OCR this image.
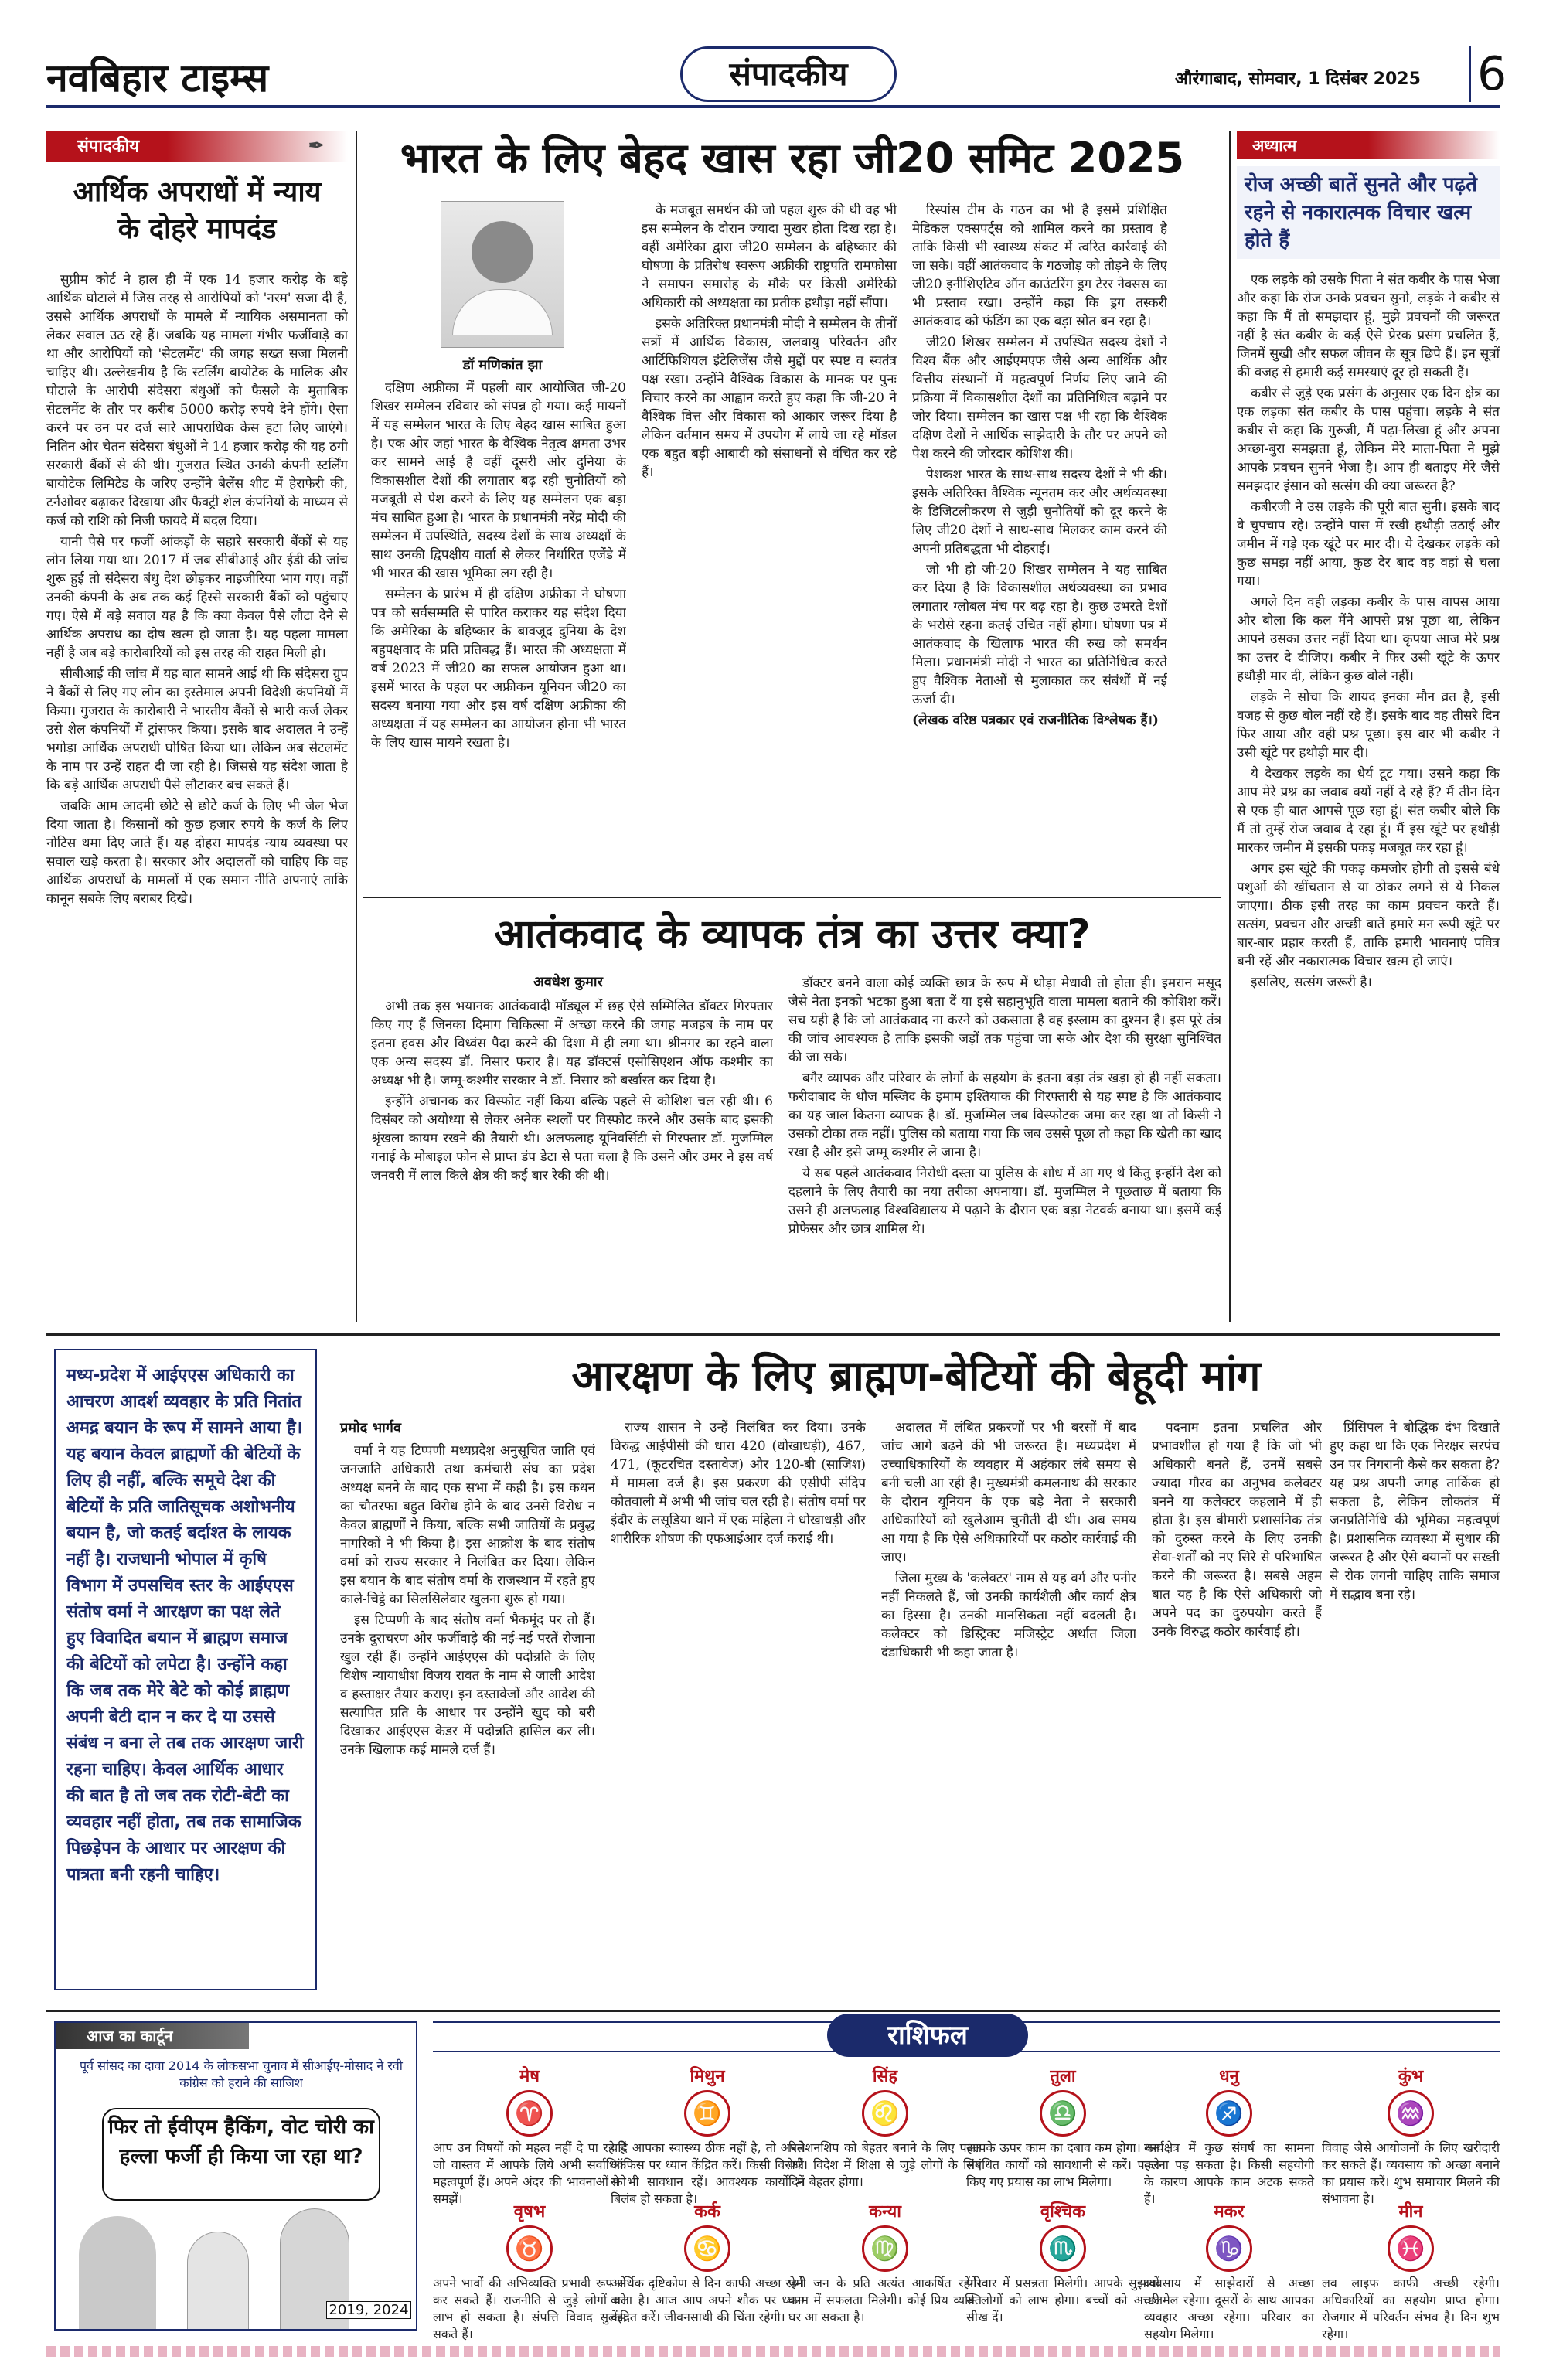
नवबिहार टाइम्स	संपादकीय	औरंगाबाद, सोमवार, 1 दिसंबर 2025 6
संपादकीय	✒
आर्थिक अपराधों में न्याय के दोहरे मापदंड

सुप्रीम कोर्ट ने हाल ही में एक 14 हजार करोड़ के बड़े आर्थिक घोटाले में जिस तरह से आरोपियों को 'नरम' सजा दी है, उससे आर्थिक अपराधों के मामले में न्यायिक असमानता को लेकर सवाल उठ रहे हैं। जबकि यह मामला गंभीर फर्जीवाड़े का था और आरोपियों को 'सेटलमेंट' की जगह सख्त सजा मिलनी चाहिए थी। उल्लेखनीय है कि स्टर्लिंग बायोटेक के मालिक और घोटाले के आरोपी संदेसरा बंधुओं को फैसले के मुताबिक सेटलमेंट के तौर पर करीब 5000 करोड़ रुपये देने होंगे। ऐसा करने पर उन पर दर्ज सारे आपराधिक केस हटा लिए जाएंगे। नितिन और चेतन संदेसरा बंधुओं ने 14 हजार करोड़ की यह ठगी सरकारी बैंकों से की थी। गुजरात स्थित उनकी कंपनी स्टर्लिंग बायोटेक लिमिटेड के जरिए उन्होंने बैलेंस शीट में हेराफेरी की, टर्नओवर बढ़ाकर दिखाया और फैक्ट्री शेल कंपनियों के माध्यम से कर्ज को राशि को निजी फायदे में बदल दिया।

यानी पैसे पर फर्जी आंकड़ों के सहारे सरकारी बैंकों से यह लोन लिया गया था। 2017 में जब सीबीआई और ईडी की जांच शुरू हुई तो संदेसरा बंधु देश छोड़कर नाइजीरिया भाग गए। वहीं उनकी कंपनी के अब तक कई हिस्से सरकारी बैंकों को पहुंचाए गए। ऐसे में बड़े सवाल यह है कि क्या केवल पैसे लौटा देने से आर्थिक अपराध का दोष खत्म हो जाता है। यह पहला मामला नहीं है जब बड़े कारोबारियों को इस तरह की राहत मिली हो।

सीबीआई की जांच में यह बात सामने आई थी कि संदेसरा ग्रुप ने बैंकों से लिए गए लोन का इस्तेमाल अपनी विदेशी कंपनियों में किया। गुजरात के कारोबारी ने भारतीय बैंकों से भारी कर्ज लेकर उसे शेल कंपनियों में ट्रांसफर किया। इसके बाद अदालत ने उन्हें भगोड़ा आर्थिक अपराधी घोषित किया था। लेकिन अब सेटलमेंट के नाम पर उन्हें राहत दी जा रही है। जिससे यह संदेश जाता है कि बड़े आर्थिक अपराधी पैसे लौटाकर बच सकते हैं।

जबकि आम आदमी छोटे से छोटे कर्ज के लिए भी जेल भेज दिया जाता है। किसानों को कुछ हजार रुपये के कर्ज के लिए नोटिस थमा दिए जाते हैं। यह दोहरा मापदंड न्याय व्यवस्था पर सवाल खड़े करता है। सरकार और अदालतों को चाहिए कि वह आर्थिक अपराधों के मामलों में एक समान नीति अपनाएं ताकि कानून सबके लिए बराबर दिखे।

भारत के लिए बेहद खास रहा जी20 समिट 2025
डॉ मणिकांत झा

दक्षिण अफ्रीका में पहली बार आयोजित जी-20 शिखर सम्मेलन रविवार को संपन्न हो गया। कई मायनों में यह सम्मेलन भारत के लिए बेहद खास साबित हुआ है। एक ओर जहां भारत के वैश्विक नेतृत्व क्षमता उभर कर सामने आई है वहीं दूसरी ओर दुनिया के विकासशील देशों की लगातार बढ़ रही चुनौतियों को मजबूती से पेश करने के लिए यह सम्मेलन एक बड़ा मंच साबित हुआ है। भारत के प्रधानमंत्री नरेंद्र मोदी की सम्मेलन में उपस्थिति, सदस्य देशों के साथ अध्यक्षों के साथ उनकी द्विपक्षीय वार्ता से लेकर निर्धारित एजेंडे में भी भारत की खास भूमिका लग रही है।

सम्मेलन के प्रारंभ में ही दक्षिण अफ्रीका ने घोषणा पत्र को सर्वसम्मति से पारित कराकर यह संदेश दिया कि अमेरिका के बहिष्कार के बावजूद दुनिया के देश बहुपक्षवाद के प्रति प्रतिबद्ध हैं। भारत की अध्यक्षता में वर्ष 2023 में जी20 का सफल आयोजन हुआ था। इसमें भारत के पहल पर अफ्रीकन यूनियन जी20 का सदस्य बनाया गया और इस वर्ष दक्षिण अफ्रीका की अध्यक्षता में यह सम्मेलन का आयोजन होना भी भारत के लिए खास मायने रखता है।

के मजबूत समर्थन की जो पहल शुरू की थी वह भी इस सम्मेलन के दौरान ज्यादा मुखर होता दिख रहा है। वहीं अमेरिका द्वारा जी20 सम्मेलन के बहिष्कार की घोषणा के प्रतिरोध स्वरूप अफ्रीकी राष्ट्रपति रामफोसा ने समापन समारोह के मौके पर किसी अमेरिकी अधिकारी को अध्यक्षता का प्रतीक हथौड़ा नहीं सौंपा।

इसके अतिरिक्त प्रधानमंत्री मोदी ने सम्मेलन के तीनों सत्रों में आर्थिक विकास, जलवायु परिवर्तन और आर्टिफिशियल इंटेलिजेंस जैसे मुद्दों पर स्पष्ट व स्वतंत्र पक्ष रखा। उन्होंने वैश्विक विकास के मानक पर पुनः विचार करने का आह्वान करते हुए कहा कि जी-20 ने वैश्विक वित्त और विकास को आकार जरूर दिया है लेकिन वर्तमान समय में उपयोग में लाये जा रहे मॉडल एक बहुत बड़ी आबादी को संसाधनों से वंचित कर रहे हैं।

रिस्पांस टीम के गठन का भी है इसमें प्रशिक्षित मेडिकल एक्सपर्ट्स को शामिल करने का प्रस्ताव है ताकि किसी भी स्वास्थ्य संकट में त्वरित कार्रवाई की जा सके। वहीं आतंकवाद के गठजोड़ को तोड़ने के लिए जी20 इनीशिएटिव ऑन काउंटरिंग ड्रग टेरर नेक्सस का भी प्रस्ताव रखा। उन्होंने कहा कि ड्रग तस्करी आतंकवाद को फंडिंग का एक बड़ा स्रोत बन रहा है।

जी20 शिखर सम्मेलन में उपस्थित सदस्य देशों ने विश्व बैंक और आईएमएफ जैसे अन्य आर्थिक और वित्तीय संस्थानों में महत्वपूर्ण निर्णय लिए जाने की प्रक्रिया में विकासशील देशों का प्रतिनिधित्व बढ़ाने पर जोर दिया। सम्मेलन का खास पक्ष भी रहा कि वैश्विक दक्षिण देशों ने आर्थिक साझेदारी के तौर पर अपने को पेश करने की जोरदार कोशिश की।

पेशकश भारत के साथ-साथ सदस्य देशों ने भी की। इसके अतिरिक्त वैश्विक न्यूनतम कर और अर्थव्यवस्था के डिजिटलीकरण से जुड़ी चुनौतियों को दूर करने के लिए जी20 देशों ने साथ-साथ मिलकर काम करने की अपनी प्रतिबद्धता भी दोहराई।

जो भी हो जी-20 शिखर सम्मेलन ने यह साबित कर दिया है कि विकासशील अर्थव्यवस्था का प्रभाव लगातार ग्लोबल मंच पर बढ़ रहा है। कुछ उभरते देशों के भरोसे रहना कतई उचित नहीं होगा। घोषणा पत्र में आतंकवाद के खिलाफ भारत की रुख को समर्थन मिला। प्रधानमंत्री मोदी ने भारत का प्रतिनिधित्व करते हुए वैश्विक नेताओं से मुलाकात कर संबंधों में नई ऊर्जा दी।

(लेखक वरिष्ठ पत्रकार एवं राजनीतिक विश्लेषक हैं।)

अध्यात्म
रोज अच्छी बातें सुनते और पढ़ते रहने से नकारात्मक विचार खत्म होते हैं

एक लड़के को उसके पिता ने संत कबीर के पास भेजा और कहा कि रोज उनके प्रवचन सुनो, लड़के ने कबीर से कहा कि मैं तो समझदार हूं, मुझे प्रवचनों की जरूरत नहीं है संत कबीर के कई ऐसे प्रेरक प्रसंग प्रचलित हैं, जिनमें सुखी और सफल जीवन के सूत्र छिपे हैं। इन सूत्रों की वजह से हमारी कई समस्याएं दूर हो सकती हैं।

कबीर से जुड़े एक प्रसंग के अनुसार एक दिन क्षेत्र का एक लड़का संत कबीर के पास पहुंचा। लड़के ने संत कबीर से कहा कि गुरुजी, मैं पढ़ा-लिखा हूं और अपना अच्छा-बुरा समझता हूं, लेकिन मेरे माता-पिता ने मुझे आपके प्रवचन सुनने भेजा है। आप ही बताइए मेरे जैसे समझदार इंसान को सत्संग की क्या जरूरत है?

कबीरजी ने उस लड़के की पूरी बात सुनी। इसके बाद वे चुपचाप रहे। उन्होंने पास में रखी हथौड़ी उठाई और जमीन में गड़े एक खूंटे पर मार दी। ये देखकर लड़के को कुछ समझ नहीं आया, कुछ देर बाद वह वहां से चला गया।

अगले दिन वही लड़का कबीर के पास वापस आया और बोला कि कल मैंने आपसे प्रश्न पूछा था, लेकिन आपने उसका उत्तर नहीं दिया था। कृपया आज मेरे प्रश्न का उत्तर दे दीजिए। कबीर ने फिर उसी खूंटे के ऊपर हथौड़ी मार दी, लेकिन कुछ बोले नहीं।

लड़के ने सोचा कि शायद इनका मौन व्रत है, इसी वजह से कुछ बोल नहीं रहे हैं। इसके बाद वह तीसरे दिन फिर आया और वही प्रश्न पूछा। इस बार भी कबीर ने उसी खूंटे पर हथौड़ी मार दी।

ये देखकर लड़के का धैर्य टूट गया। उसने कहा कि आप मेरे प्रश्न का जवाब क्यों नहीं दे रहे हैं? मैं तीन दिन से एक ही बात आपसे पूछ रहा हूं। संत कबीर बोले कि मैं तो तुम्हें रोज जवाब दे रहा हूं। मैं इस खूंटे पर हथौड़ी मारकर जमीन में इसकी पकड़ मजबूत कर रहा हूं।

अगर इस खूंटे की पकड़ कमजोर होगी तो इससे बंधे पशुओं की खींचतान से या ठोकर लगने से ये निकल जाएगा। ठीक इसी तरह का काम प्रवचन करते हैं। सत्संग, प्रवचन और अच्छी बातें हमारे मन रूपी खूंटे पर बार-बार प्रहार करती हैं, ताकि हमारी भावनाएं पवित्र बनी रहें और नकारात्मक विचार खत्म हो जाएं।

इसलिए, सत्संग जरूरी है।

आतंकवाद के व्यापक तंत्र का उत्तर क्या?
अवधेश कुमार

अभी तक इस भयानक आतंकवादी मॉड्यूल में छह ऐसे सम्मिलित डॉक्टर गिरफ्तार किए गए हैं जिनका दिमाग चिकित्सा में अच्छा करने की जगह मजहब के नाम पर इतना हवस और विध्वंस पैदा करने की दिशा में ही लगा था। श्रीनगर का रहने वाला एक अन्य सदस्य डॉ. निसार फरार है। यह डॉक्टर्स एसोसिएशन ऑफ कश्मीर का अध्यक्ष भी है। जम्मू-कश्मीर सरकार ने डॉ. निसार को बर्खास्त कर दिया है।

इन्होंने अचानक कर विस्फोट नहीं किया बल्कि पहले से कोशिश चल रही थी। 6 दिसंबर को अयोध्या से लेकर अनेक स्थलों पर विस्फोट करने और उसके बाद इसकी श्रृंखला कायम रखने की तैयारी थी। अलफलाह यूनिवर्सिटी से गिरफ्तार डॉ. मुजम्मिल गनाई के मोबाइल फोन से प्राप्त डंप डेटा से पता चला है कि उसने और उमर ने इस वर्ष जनवरी में लाल किले क्षेत्र की कई बार रेकी की थी।

डॉक्टर बनने वाला कोई व्यक्ति छात्र के रूप में थोड़ा मेधावी तो होता ही। इमरान मसूद जैसे नेता इनको भटका हुआ बता दें या इसे सहानुभूति वाला मामला बताने की कोशिश करें। सच यही है कि जो आतंकवाद ना करने को उकसाता है वह इस्लाम का दुश्मन है। इस पूरे तंत्र की जांच आवश्यक है ताकि इसकी जड़ों तक पहुंचा जा सके और देश की सुरक्षा सुनिश्चित की जा सके।

बगैर व्यापक और परिवार के लोगों के सहयोग के इतना बड़ा तंत्र खड़ा हो ही नहीं सकता। फरीदाबाद के धौज मस्जिद के इमाम इश्तियाक की गिरफ्तारी से यह स्पष्ट है कि आतंकवाद का यह जाल कितना व्यापक है। डॉ. मुजम्मिल जब विस्फोटक जमा कर रहा था तो किसी ने उसको टोका तक नहीं। पुलिस को बताया गया कि जब उससे पूछा तो कहा कि खेती का खाद रखा है और इसे जम्मू कश्मीर ले जाना है।

ये सब पहले आतंकवाद निरोधी दस्ता या पुलिस के शोध में आ गए थे किंतु इन्होंने देश को दहलाने के लिए तैयारी का नया तरीका अपनाया। डॉ. मुजम्मिल ने पूछताछ में बताया कि उसने ही अलफलाह विश्वविद्यालय में पढ़ाने के दौरान एक बड़ा नेटवर्क बनाया था। इसमें कई प्रोफेसर और छात्र शामिल थे।

मध्य-प्रदेश में आईएएस अधिकारी का आचरण आदर्श व्यवहार के प्रति नितांत अमद्र बयान के रूप में सामने आया है। यह बयान केवल ब्राह्मणों की बेटियों के लिए ही नहीं, बल्कि समूचे देश की बेटियों के प्रति जातिसूचक अशोभनीय बयान है, जो कतई बर्दाश्त के लायक नहीं है। राजधानी भोपाल में कृषि विभाग में उपसचिव स्तर के आईएएस संतोष वर्मा ने आरक्षण का पक्ष लेते हुए विवादित बयान में ब्राह्मण समाज की बेटियों को लपेटा है। उन्होंने कहा कि जब तक मेरे बेटे को कोई ब्राह्मण अपनी बेटी दान न कर दे या उससे संबंध न बना ले तब तक आरक्षण जारी रहना चाहिए। केवल आर्थिक आधार की बात है तो जब तक रोटी-बेटी का व्यवहार नहीं होता, तब तक सामाजिक पिछड़ेपन के आधार पर आरक्षण की पात्रता बनी रहनी चाहिए।
आरक्षण के लिए ब्राह्मण-बेटियों की बेहूदी मांग
प्रमोद भार्गव

वर्मा ने यह टिप्पणी मध्यप्रदेश अनुसूचित जाति एवं जनजाति अधिकारी तथा कर्मचारी संघ का प्रदेश अध्यक्ष बनने के बाद एक सभा में कही है। इस कथन का चौतरफा बहुत विरोध होने के बाद उनसे विरोध न केवल ब्राह्मणों ने किया, बल्कि सभी जातियों के प्रबुद्ध नागरिकों ने भी किया है। इस आक्रोश के बाद संतोष वर्मा को राज्य सरकार ने निलंबित कर दिया। लेकिन इस बयान के बाद संतोष वर्मा के राजस्थान में रहते हुए काले-चिट्ठे का सिलसिलेवार खुलना शुरू हो गया।

इस टिप्पणी के बाद संतोष वर्मा भैकमूंद पर तो हैं। उनके दुराचरण और फर्जीवाड़े की नई-नई परतें रोजाना खुल रही हैं। उन्होंने आईएएस की पदोन्नति के लिए विशेष न्यायाधीश विजय रावत के नाम से जाली आदेश व हस्ताक्षर तैयार कराए। इन दस्तावेजों और आदेश की सत्यापित प्रति के आधार पर उन्होंने खुद को बरी दिखाकर आईएएस केडर में पदोन्नति हासिल कर ली। उनके खिलाफ कई मामले दर्ज हैं।

राज्य शासन ने उन्हें निलंबित कर दिया। उनके विरुद्ध आईपीसी की धारा 420 (धोखाधड़ी), 467, 471, (कूटरचित दस्तावेज) और 120-बी (साजिश) में मामला दर्ज है। इस प्रकरण की एसीपी संदिप कोतवाली में अभी भी जांच चल रही है। संतोष वर्मा पर इंदौर के लसूडिया थाने में एक महिला ने धोखाधड़ी और शारीरिक शोषण की एफआईआर दर्ज कराई थी।

अदालत में लंबित प्रकरणों पर भी बरसों में बाद जांच आगे बढ़ने की भी जरूरत है। मध्यप्रदेश में उच्चाधिकारियों के व्यवहार में अहंकार लंबे समय से बनी चली आ रही है। मुख्यमंत्री कमलनाथ की सरकार के दौरान यूनियन के एक बड़े नेता ने सरकारी अधिकारियों को खुलेआम चुनौती दी थी। अब समय आ गया है कि ऐसे अधिकारियों पर कठोर कार्रवाई की जाए।

जिला मुख्य के 'कलेक्टर' नाम से यह वर्ग और पनीर नहीं निकलते हैं, जो उनकी कार्यशैली और कार्य क्षेत्र का हिस्सा है। उनकी मानसिकता नहीं बदलती है। कलेक्टर को डिस्ट्रिक्ट मजिस्ट्रेट अर्थात जिला दंडाधिकारी भी कहा जाता है।

पदनाम इतना प्रचलित और प्रभावशील हो गया है कि जो भी अधिकारी बनते हैं, उनमें सबसे ज्यादा गौरव का अनुभव कलेक्टर बनने या कलेक्टर कहलाने में ही होता है। इस बीमारी प्रशासनिक तंत्र को दुरुस्त करने के लिए उनकी सेवा-शर्तों को नए सिरे से परिभाषित करने की जरूरत है। सबसे अहम बात यह है कि ऐसे अधिकारी जो अपने पद का दुरुपयोग करते हैं उनके विरुद्ध कठोर कार्रवाई हो।

प्रिंसिपल ने बौद्धिक दंभ दिखाते हुए कहा था कि एक निरक्षर सरपंच उन पर निगरानी कैसे कर सकता है? यह प्रश्न अपनी जगह तार्किक हो सकता है, लेकिन लोकतंत्र में जनप्रतिनिधि की भूमिका महत्वपूर्ण है। प्रशासनिक व्यवस्था में सुधार की जरूरत है और ऐसे बयानों पर सख्ती से रोक लगनी चाहिए ताकि समाज में सद्भाव बना रहे।

आज का कार्टून
पूर्व सांसद का दावा 2014 के लोकसभा चुनाव में सीआईए-मोसाद ने रवी कांग्रेस को हराने की साजिश
फिर तो ईवीएम हैकिंग, वोट चोरी का हल्ला फर्जी ही किया जा रहा था?
2019, 2024
राशिफल
मेष
♈
आप उन विषयों को महत्व नहीं दे पा रहे हैं जो वास्तव में आपके लिये अभी सर्वाधिक महत्वपूर्ण हैं। अपने अंदर की भावनाओं को समझें।
मिथुन
♊
यदि आपका स्वास्थ्य ठीक नहीं है, तो अपने ऑफिस पर ध्यान केंद्रित करें। किसी विरोधी से भी सावधान रहें। आवश्यक कार्यों में बिलंब हो सकता है।
सिंह
♌
रिलेशनशिप को बेहतर बनाने के लिए पहल करें। विदेश में शिक्षा से जुड़े लोगों के लिए दिन बेहतर होगा।
तुला
♎
आपके ऊपर काम का दबाव कम होगा। धन संबंधित कार्यों को सावधानी से करें। पहले किए गए प्रयास का लाभ मिलेगा।
धनु
♐
कार्यक्षेत्र में कुछ संघर्ष का सामना करना पड़ सकता है। किसी सहयोगी के कारण आपके काम अटक सकते हैं।
कुंभ
♒
विवाह जैसे आयोजनों के लिए खरीदारी कर सकते हैं। व्यवसाय को अच्छा बनाने का प्रयास करें। शुभ समाचार मिलने की संभावना है।
वृषभ
♉
अपने भावों की अभिव्यक्ति प्रभावी रूप से कर सकते हैं। राजनीति से जुड़े लोगों को लाभ हो सकता है। संपत्ति विवाद सुलझ सकते हैं।
कर्क
♋
आर्थिक दृष्टिकोण से दिन काफी अच्छा रहने वाला है। आज आप अपने शौक पर ध्यान केंद्रित करें। जीवनसाथी की चिंता रहेगी।
कन्या
♍
प्रेमी जन के प्रति अत्यंत आकर्षित रहेंगे। काम में सफलता मिलेगी। कोई प्रिय व्यक्ति घर आ सकता है।
वृश्चिक
♏
परिवार में प्रसन्नता मिलेगी। आपके सुझावों से लोगों को लाभ होगा। बच्चों को अच्छी सीख दें।
मकर
♑
व्यवसाय में साझेदारों से अच्छा तालमेल रहेगा। दूसरों के साथ आपका व्यवहार अच्छा रहेगा। परिवार का सहयोग मिलेगा।
मीन
♓
लव लाइफ काफी अच्छी रहेगी। अधिकारियों का सहयोग प्राप्त होगा। रोजगार में परिवर्तन संभव है। दिन शुभ रहेगा।
